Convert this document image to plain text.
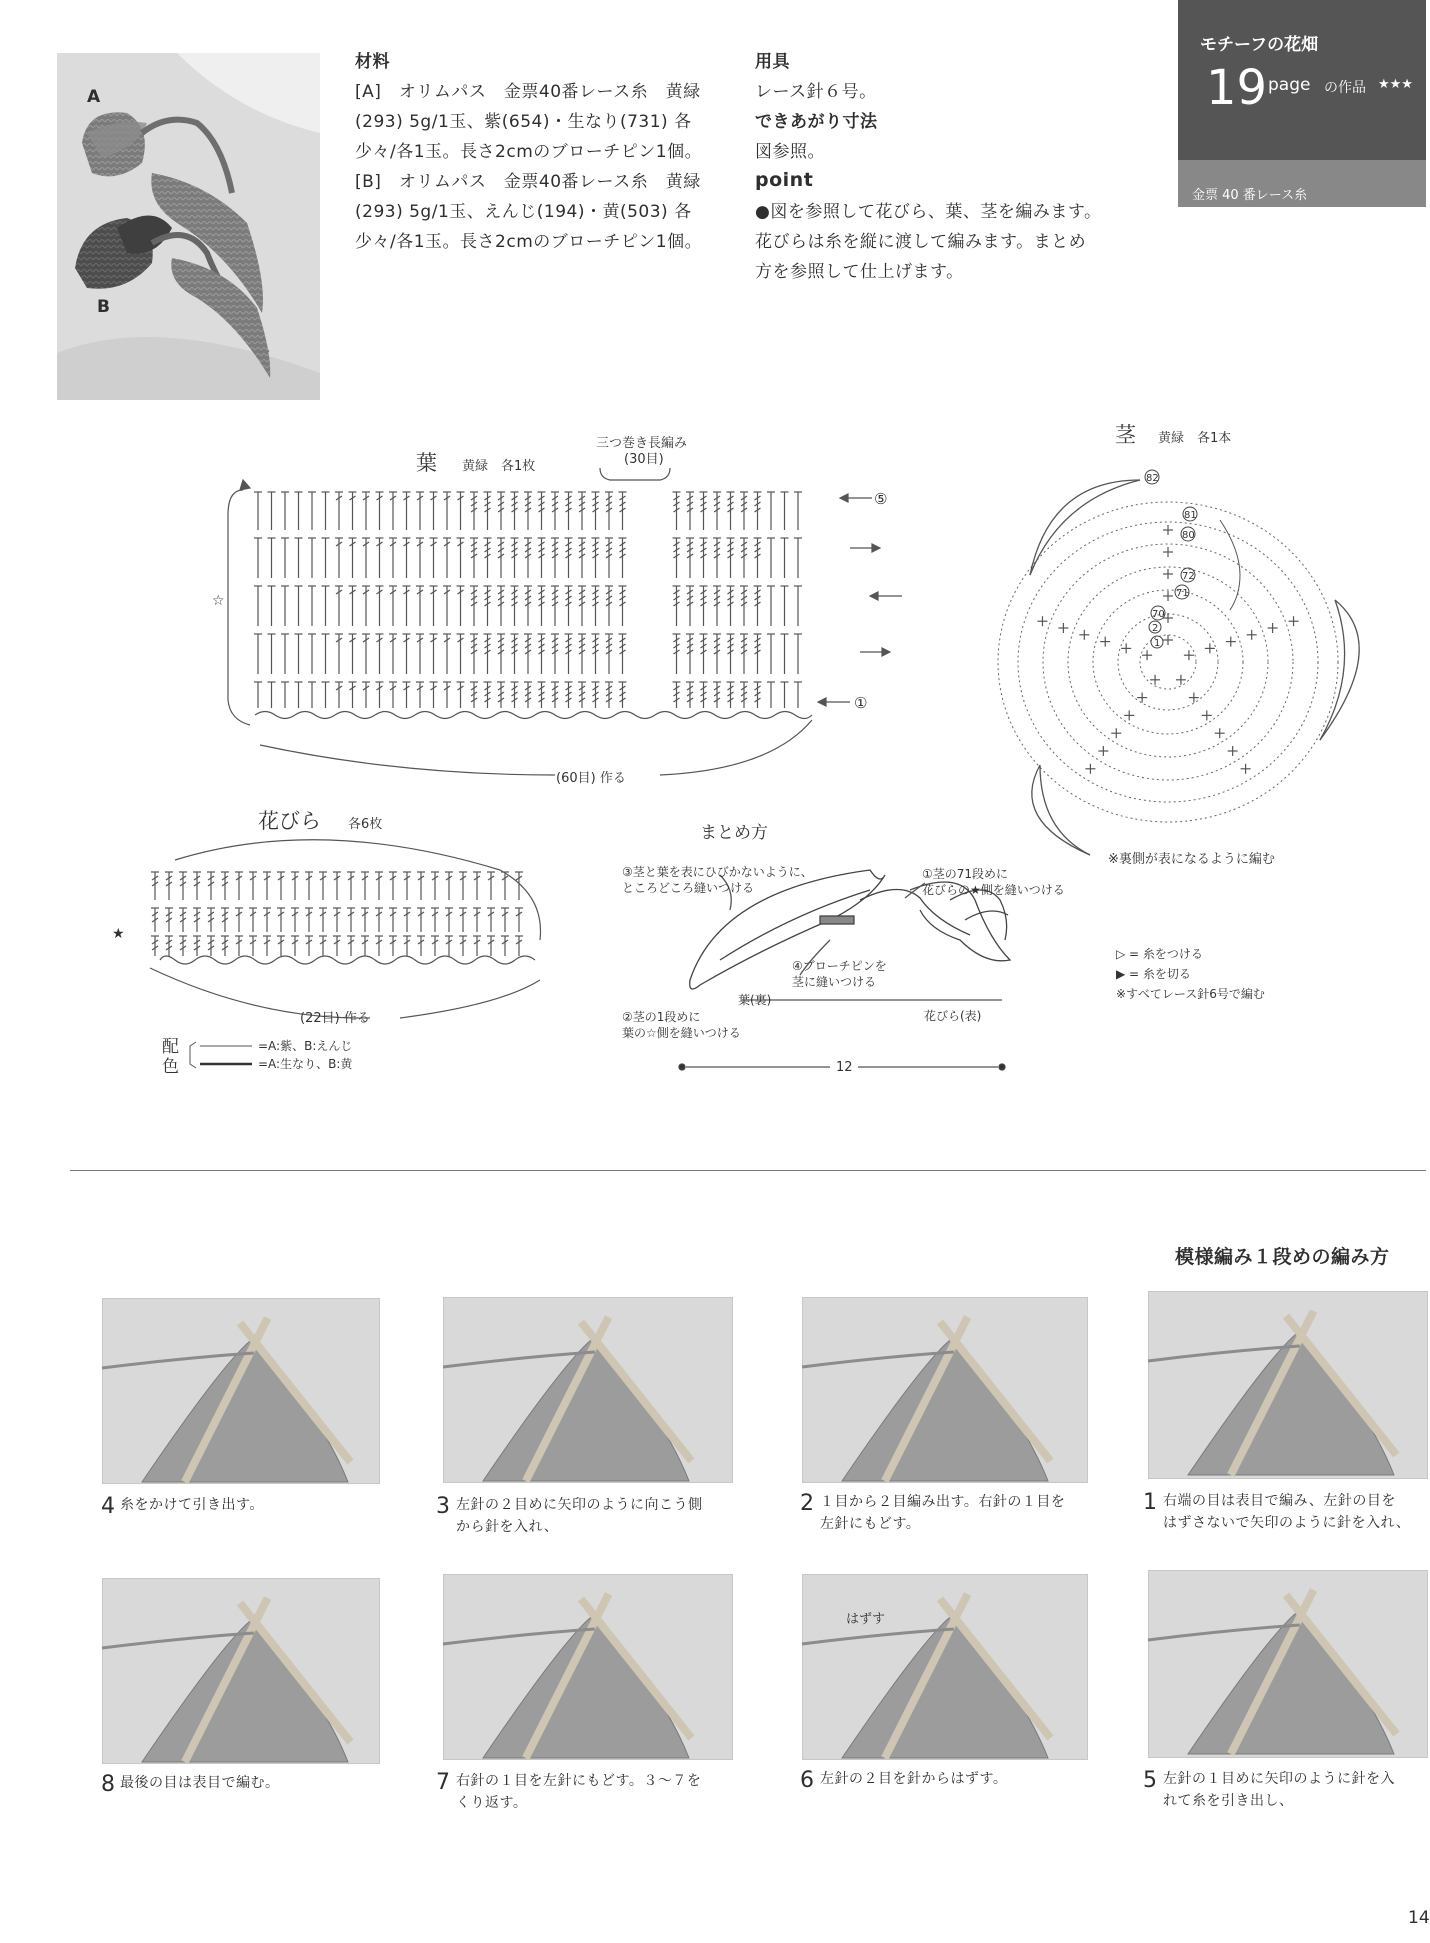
A
B
材料
[A]　オリムパス　金票40番レース糸　黄緑
(293) 5g/1玉、紫(654)・生なり(731) 各
少々/各1玉。長さ2cmのブローチピン1個。
[B]　オリムパス　金票40番レース糸　黄緑
(293) 5g/1玉、えんじ(194)・黄(503) 各
少々/各1玉。長さ2cmのブローチピン1個。
用具
レース針６号。
できあがり寸法
図参照。
point
●図を参照して花びら、葉、茎を編みます。
花びらは糸を縦に渡して編みます。まとめ
方を参照して仕上げます。
モチーフの花畑
19 page の作品 ★★★
金票 40 番レース糸
葉 黄緑　各1枚
三つ巻き長編み
(30目)
(60目) 作る
⑤
①
☆
茎 黄緑　各1本
82
81
80
72
71
70
2
1
※裏側が表になるように編む
花びら 各6枚
(22目) 作る
★
配
色
=A:紫、B:えんじ
=A:生なり、B:黄
まとめ方
③茎と葉を表にひびかないように、
ところどころ縫いつける
①茎の71段めに
花びらの★側を縫いつける
④ブローチピンを
茎に縫いつける
葉(裏)
②茎の1段めに
葉の☆側を縫いつける
花びら(表)
12
▷ = 糸をつける
▶ = 糸を切る
※すべてレース針6号で編む
模様編み１段めの編み方
はずす
4 糸をかけて引き出す。	3 左針の２目めに矢印のように向こう側
から針を入れ、
2 １目から２目編み出す。右針の１目を
左針にもどす。
1 右端の目は表目で編み、左針の目を
はずさないで矢印のように針を入れ、
8 最後の目は表目で編む。	7 右針の１目を左針にもどす。３～７を
くり返す。
6 左針の２目を針からはずす。	5 左針の１目めに矢印のように針を入
れて糸を引き出し、
14
